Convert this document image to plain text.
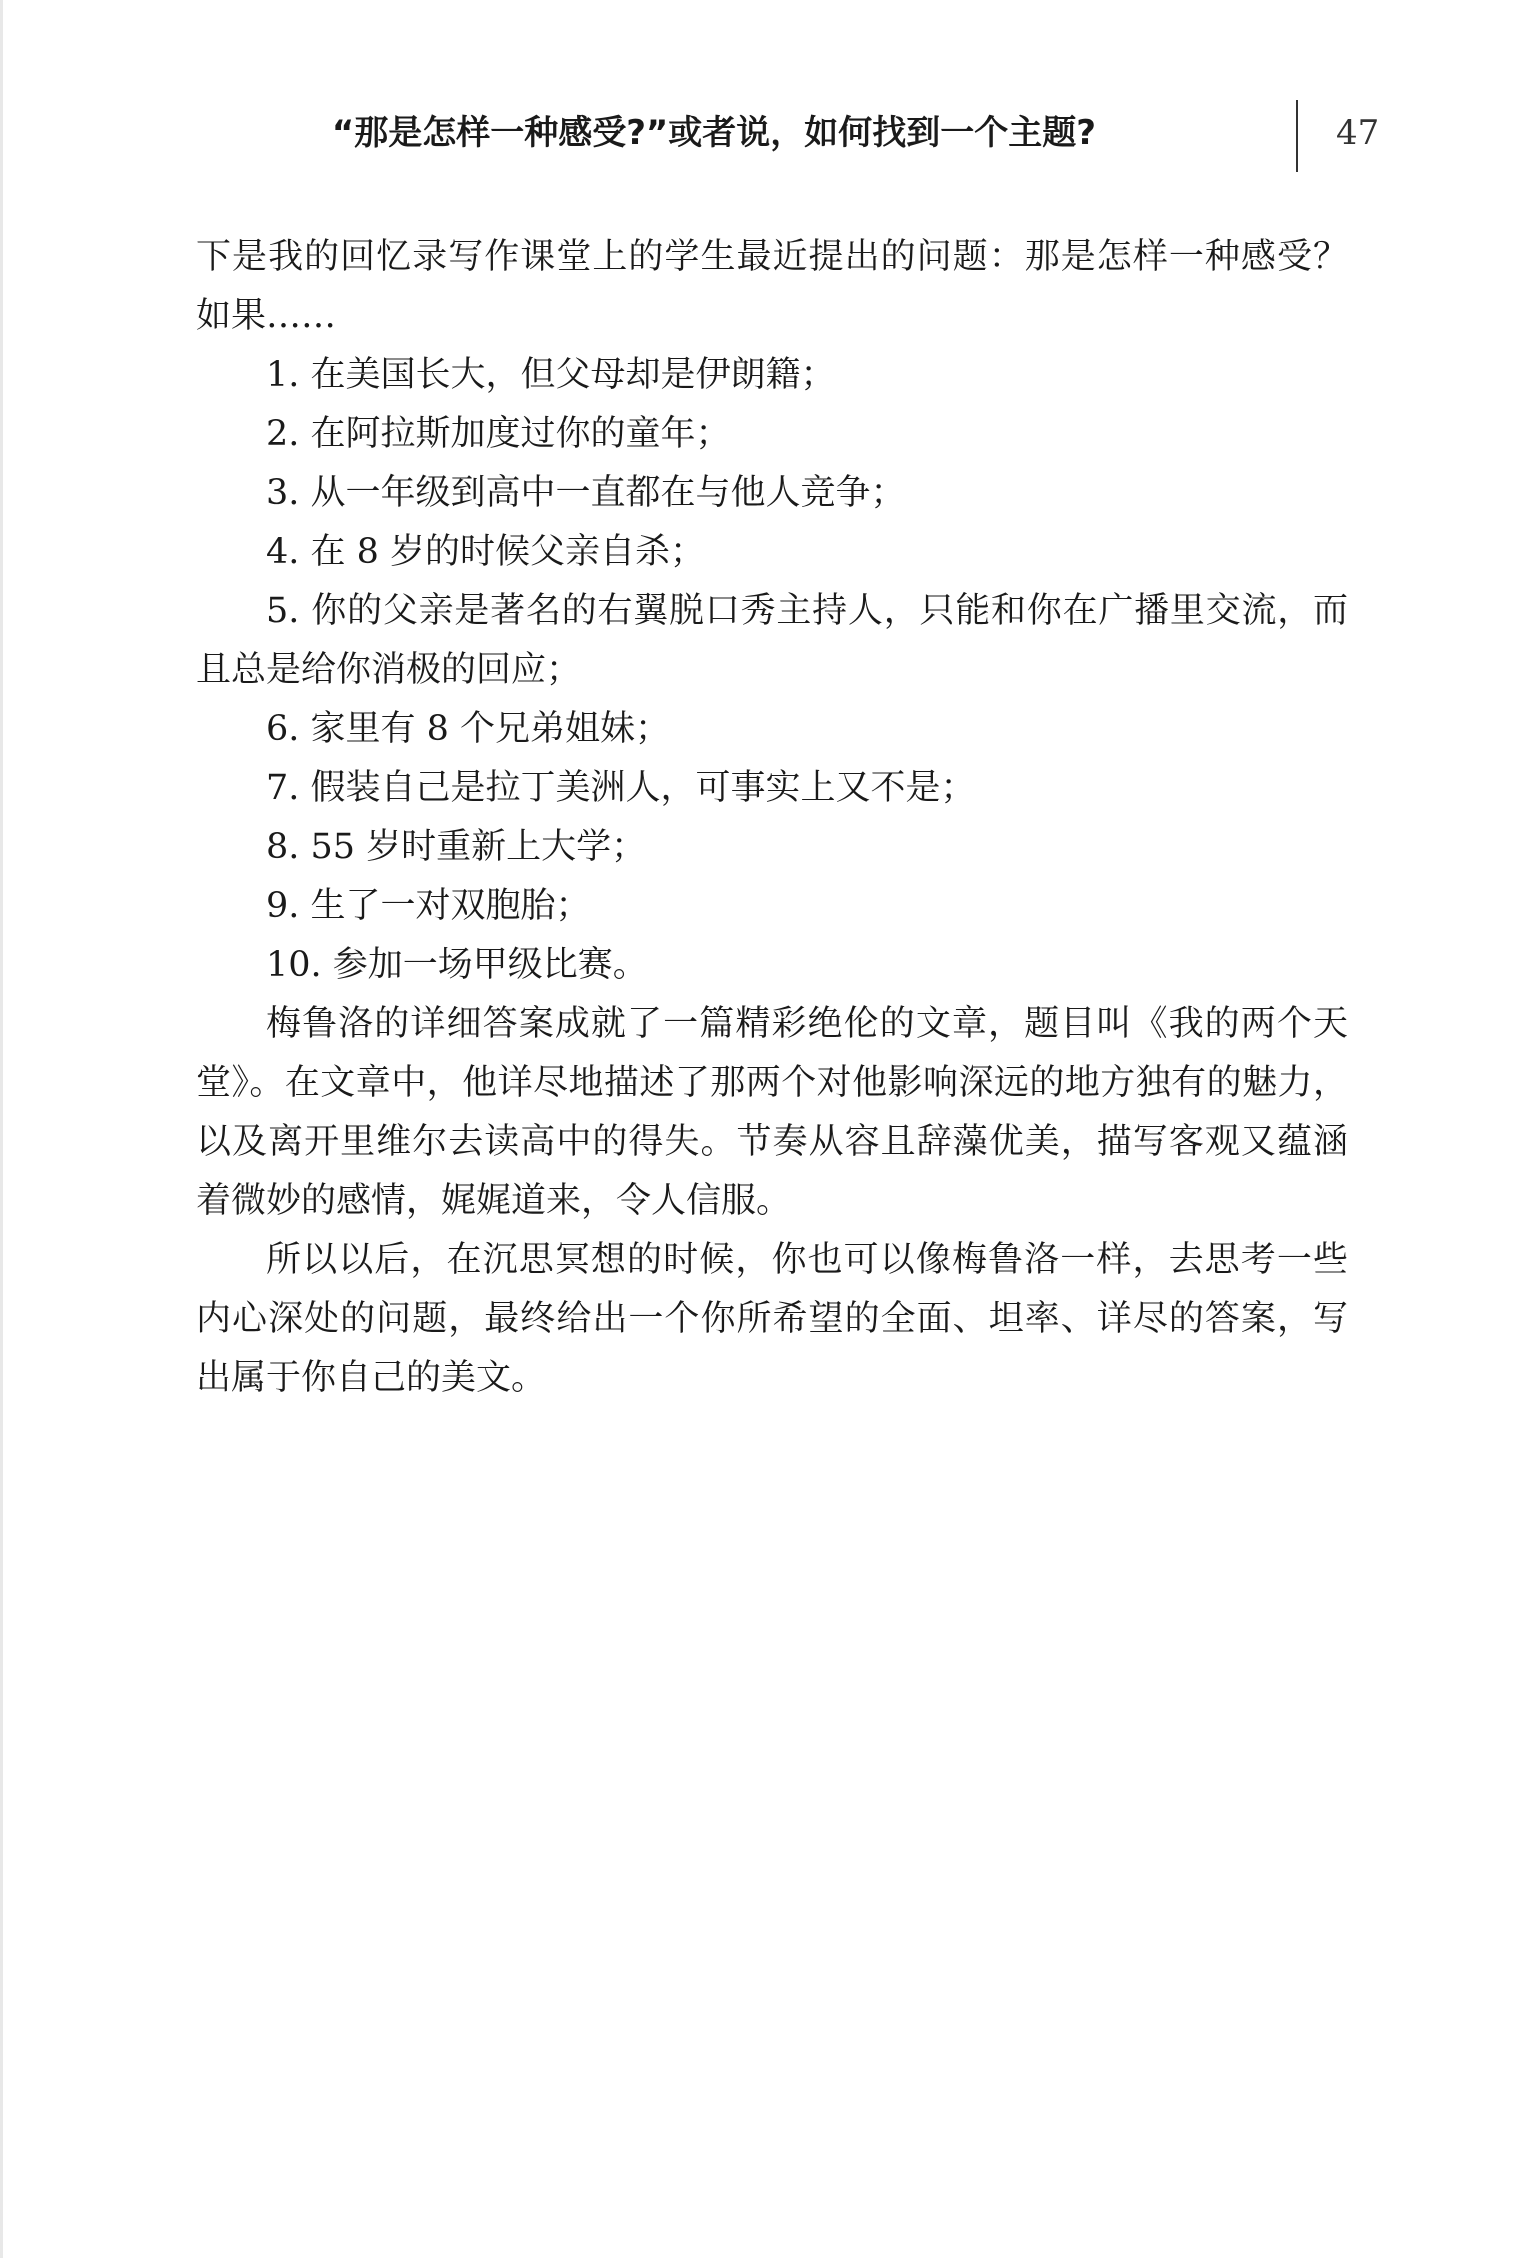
“那是怎样一种感受?”或者说，如何找到一个主题?	47

下是我的回忆录写作课堂上的学生最近提出的问题：那是怎样一种感受？如果……

1. 在美国长大，但父母却是伊朗籍；

2. 在阿拉斯加度过你的童年；

3. 从一年级到高中一直都在与他人竞争；

4. 在 8 岁的时候父亲自杀；

5. 你的父亲是著名的右翼脱口秀主持人，只能和你在广播里交流，而且总是给你消极的回应；

6. 家里有 8 个兄弟姐妹；

7. 假装自己是拉丁美洲人，可事实上又不是；

8. 55 岁时重新上大学；

9. 生了一对双胞胎；

10. 参加一场甲级比赛。

梅鲁洛的详细答案成就了一篇精彩绝伦的文章，题目叫《我的两个天堂》。在文章中，他详尽地描述了那两个对他影响深远的地方独有的魅力，以及离开里维尔去读高中的得失。节奏从容且辞藻优美，描写客观又蕴涵着微妙的感情，娓娓道来，令人信服。

所以以后，在沉思冥想的时候，你也可以像梅鲁洛一样，去思考一些内心深处的问题，最终给出一个你所希望的全面、坦率、详尽的答案，写出属于你自己的美文。
